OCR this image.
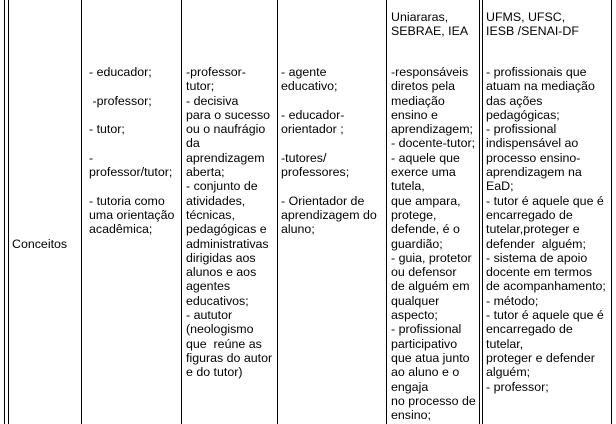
Conceitos
- educador;

-professor;

- tutor;

-
professor/tutor;

- tutoria como
uma orientação
acadêmica;
-professor-
tutor;
- decisiva
para o sucesso
ou o naufrágio
da
aprendizagem
aberta;
- conjunto de
atividades,
técnicas,
pedagógicas e
administrativas
dirigidas aos
alunos e aos
agentes
educativos;
- aututor
(neologismo
que  reúne as
figuras do autor
e do tutor)
- agente
educativo;

- educador-
orientador ;

-tutores/
professores;

- Orientador de
aprendizagem do
aluno;
Uniararas,
SEBRAE, IEA
-responsáveis
diretos pela
mediação
ensino e
aprendizagem;
- docente-tutor;
- aquele que
exerce uma
tutela,
que ampara,
protege,
defende, é o
guardião;
- guia, protetor
ou defensor
de alguém em
qualquer
aspecto;
- profissional
participativo
que atua junto
ao aluno e o
engaja
no processo de
ensino;
UFMS, UFSC,
IESB /SENAI-DF
- profissionais que
atuam na mediação
das ações
pedagógicas;
- profissional
indispensável ao
processo ensino-
aprendizagem na
EaD;
- tutor é aquele que é
encarregado de
tutelar,proteger e
defender  alguém;
- sistema de apoio
docente em termos
de acompanhamento;
- método;
- tutor é aquele que é
encarregado de
tutelar,
proteger e defender
alguém;
- professor;
